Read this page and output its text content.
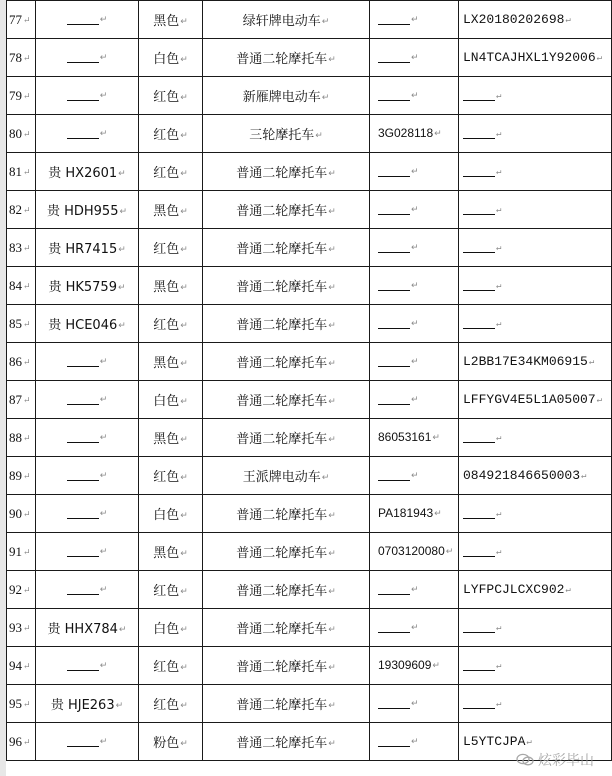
77↵	↵	黑色↵	绿轩牌电动车↵	↵	LX20180202698↵
78↵	↵	白色↵	普通二轮摩托车↵	↵	LN4TCAJHXL1Y92006↵
79↵	↵	红色↵	新雁牌电动车↵	↵	↵
80↵	↵	红色↵	三轮摩托车↵	3G028118↵	↵
81↵	贵 HX2601↵	红色↵	普通二轮摩托车↵	↵	↵
82↵	贵 HDH955↵	黑色↵	普通二轮摩托车↵	↵	↵
83↵	贵 HR7415↵	红色↵	普通二轮摩托车↵	↵	↵
84↵	贵 HK5759↵	黑色↵	普通二轮摩托车↵	↵	↵
85↵	贵 HCE046↵	红色↵	普通二轮摩托车↵	↵	↵
86↵	↵	黑色↵	普通二轮摩托车↵	↵	L2BB17E34KM06915↵
87↵	↵	白色↵	普通二轮摩托车↵	↵	LFFYGV4E5L1A05007↵
88↵	↵	黑色↵	普通二轮摩托车↵	86053161↵	↵
89↵	↵	红色↵	王派牌电动车↵	↵	084921846650003↵
90↵	↵	白色↵	普通二轮摩托车↵	PA181943↵	↵
91↵	↵	黑色↵	普通二轮摩托车↵	0703120080↵	↵
92↵	↵	红色↵	普通二轮摩托车↵	↵	LYFPCJLCXC902↵
93↵	贵 HHX784↵	白色↵	普通二轮摩托车↵	↵	↵
94↵	↵	红色↵	普通二轮摩托车↵	19309609↵	↵
95↵	贵 HJE263↵	红色↵	普通二轮摩托车↵	↵	↵
96↵	↵	粉色↵	普通二轮摩托车↵	↵	L5YTCJPA↵
炫彩毕山
